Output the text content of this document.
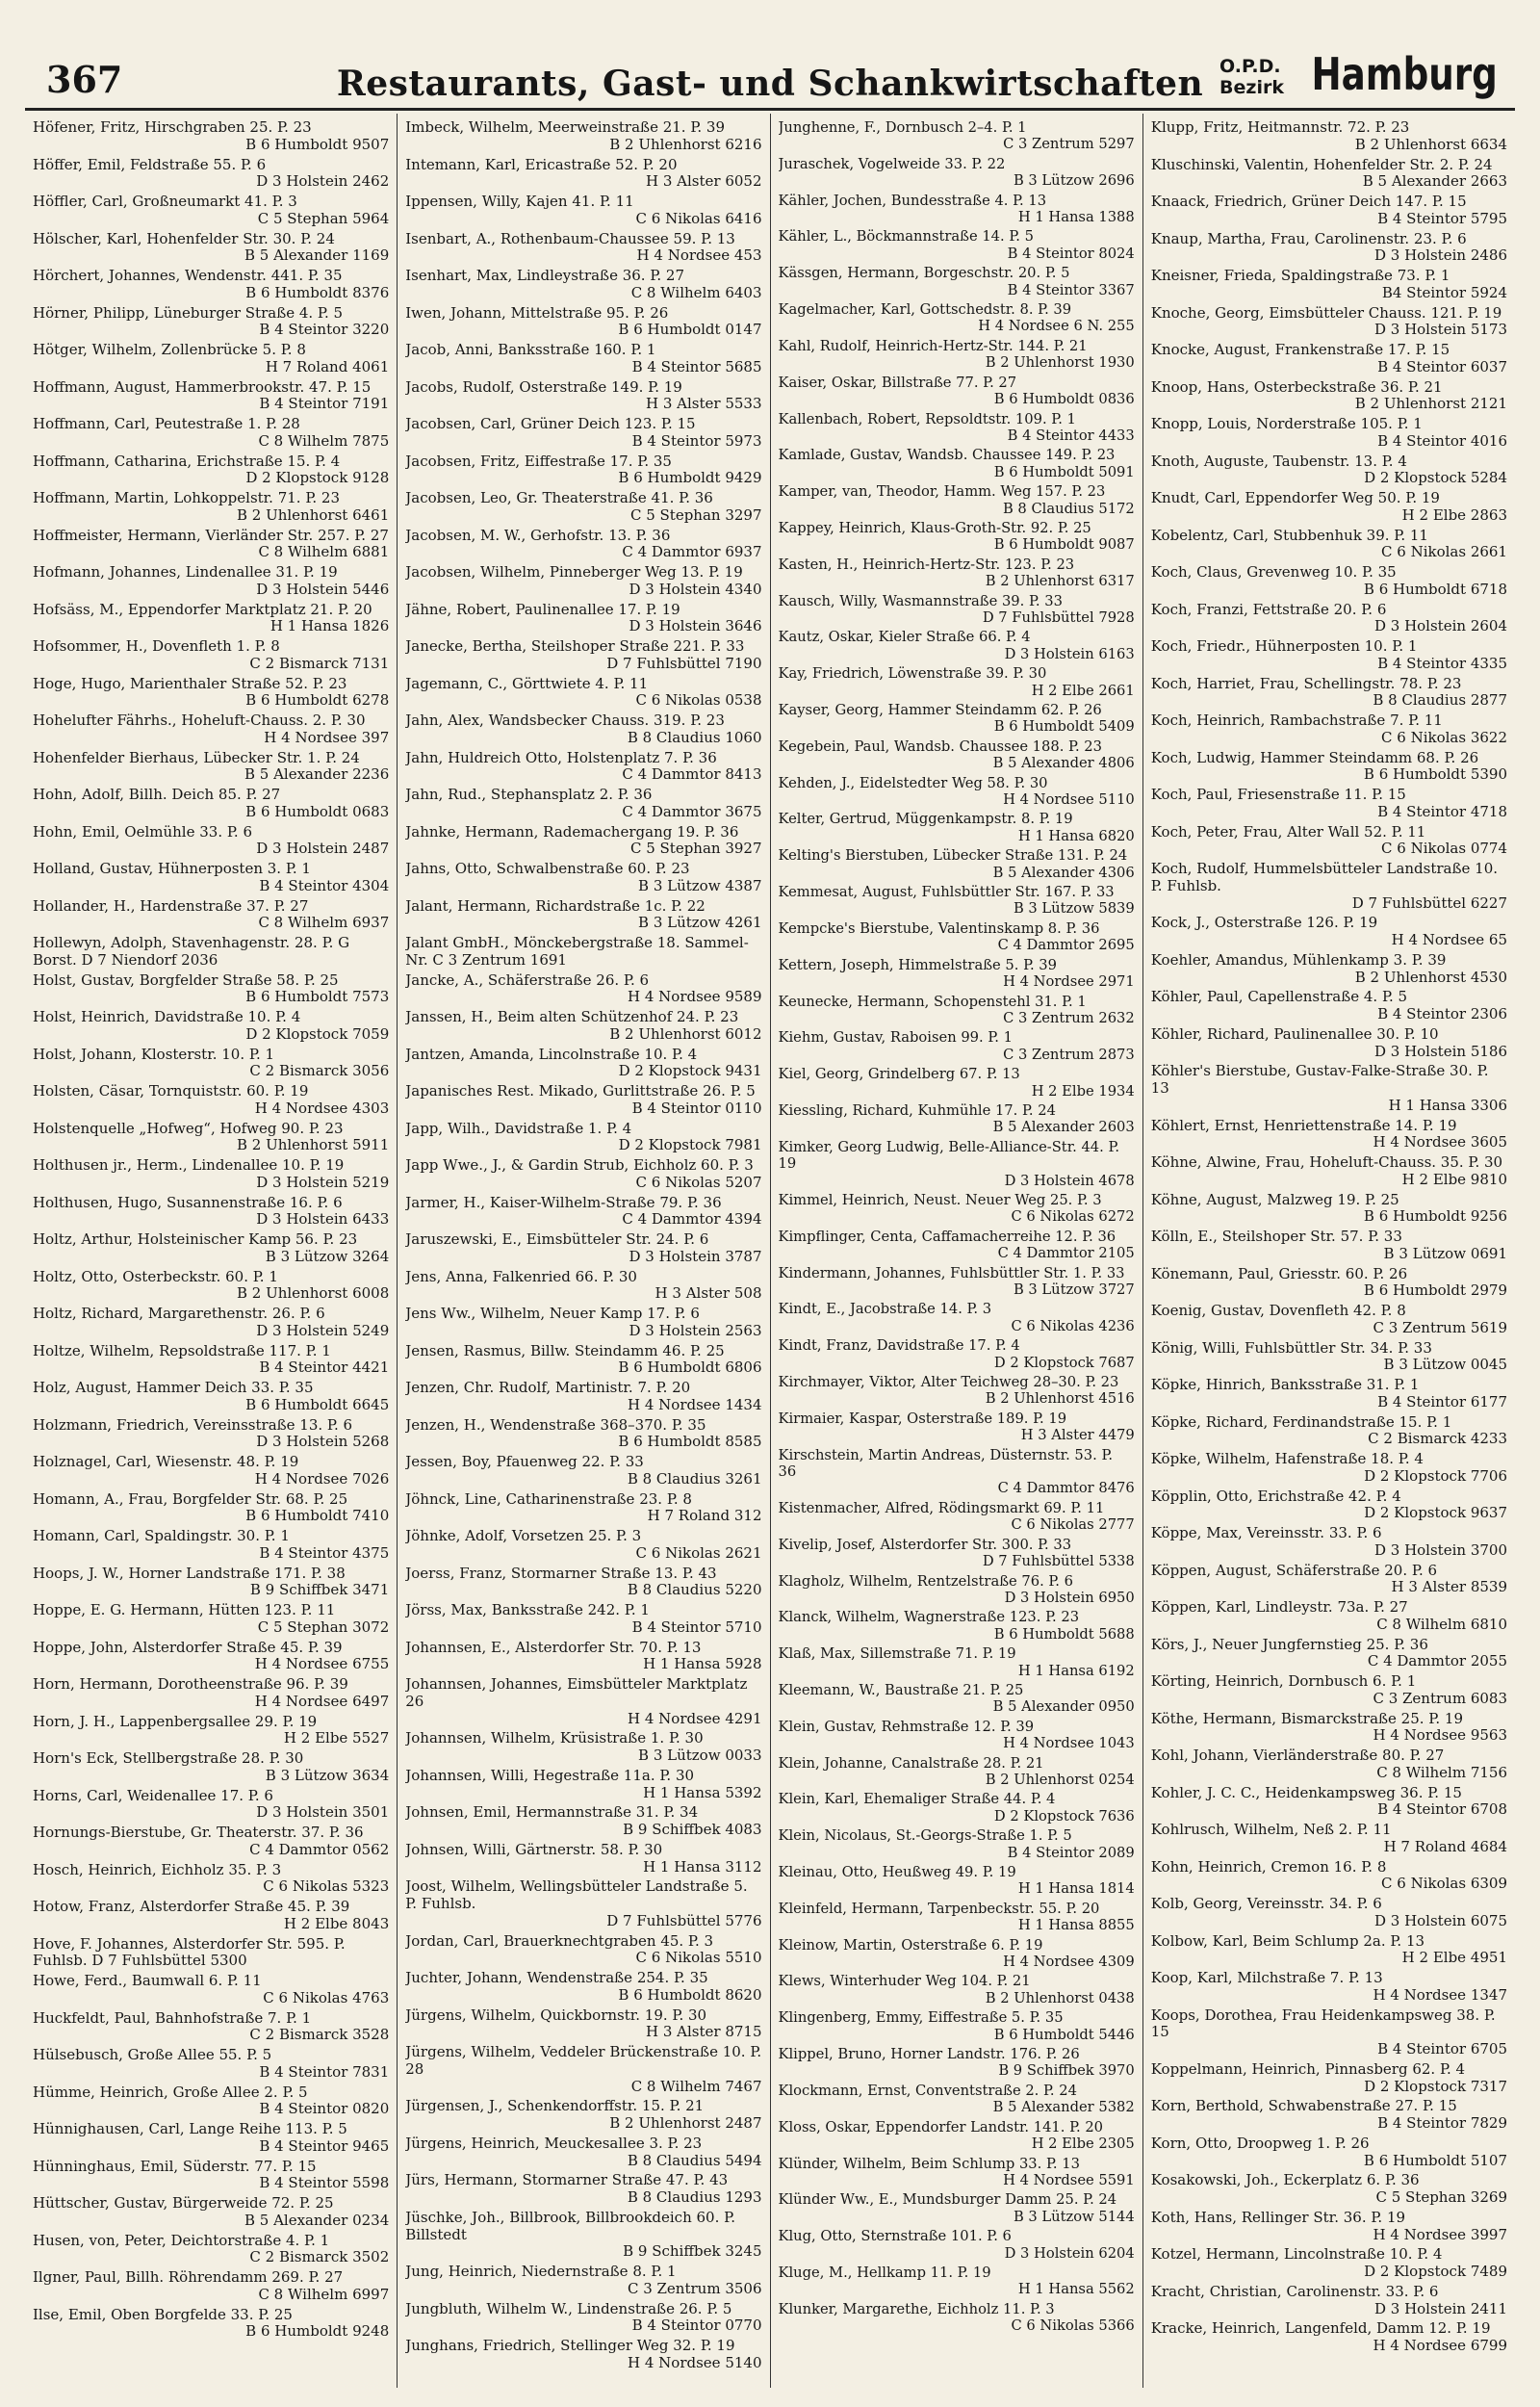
367	Restaurants, Gast- und Schankwirtschaften O.P.D.
Bezirk Hamburg
Höfener, Fritz, Hirschgraben 25. P. 23
B 6 Humboldt 9507
Höffer, Emil, Feldstraße 55. P. 6
D 3 Holstein 2462
Höffler, Carl, Großneumarkt 41. P. 3
C 5 Stephan 5964
Hölscher, Karl, Hohenfelder Str. 30. P. 24
B 5 Alexander 1169
Hörchert, Johannes, Wendenstr. 441. P. 35
B 6 Humboldt 8376
Hörner, Philipp, Lüneburger Straße 4. P. 5
B 4 Steintor 3220
Hötger, Wilhelm, Zollenbrücke 5. P. 8
H 7 Roland 4061
Hoffmann, August, Hammerbrookstr. 47. P. 15
B 4 Steintor 7191
Hoffmann, Carl, Peutestraße 1. P. 28
C 8 Wilhelm 7875
Hoffmann, Catharina, Erichstraße 15. P. 4
D 2 Klopstock 9128
Hoffmann, Martin, Lohkoppelstr. 71. P. 23
B 2 Uhlenhorst 6461
Hoffmeister, Hermann, Vierländer Str. 257. P. 27
C 8 Wilhelm 6881
Hofmann, Johannes, Lindenallee 31. P. 19
D 3 Holstein 5446
Hofsäss, M., Eppendorfer Marktplatz 21. P. 20
H 1 Hansa 1826
Hofsommer, H., Dovenfleth 1. P. 8
C 2 Bismarck 7131
Hoge, Hugo, Marienthaler Straße 52. P. 23
B 6 Humboldt 6278
Hohelufter Fährhs., Hoheluft-Chauss. 2. P. 30
H 4 Nordsee 397
Hohenfelder Bierhaus, Lübecker Str. 1. P. 24
B 5 Alexander 2236
Hohn, Adolf, Billh. Deich 85. P. 27
B 6 Humboldt 0683
Hohn, Emil, Oelmühle 33. P. 6
D 3 Holstein 2487
Holland, Gustav, Hühnerposten 3. P. 1
B 4 Steintor 4304
Hollander, H., Hardenstraße 37. P. 27
C 8 Wilhelm 6937
Hollewyn, Adolph, Stavenhagenstr. 28. P. G Borst. D 7 Niendorf 2036
Holst, Gustav, Borgfelder Straße 58. P. 25
B 6 Humboldt 7573
Holst, Heinrich, Davidstraße 10. P. 4
D 2 Klopstock 7059
Holst, Johann, Klosterstr. 10. P. 1
C 2 Bismarck 3056
Holsten, Cäsar, Tornquiststr. 60. P. 19
H 4 Nordsee 4303
Holstenquelle „Hofweg“, Hofweg 90. P. 23
B 2 Uhlenhorst 5911
Holthusen jr., Herm., Lindenallee 10. P. 19
D 3 Holstein 5219
Holthusen, Hugo, Susannenstraße 16. P. 6
D 3 Holstein 6433
Holtz, Arthur, Holsteinischer Kamp 56. P. 23
B 3 Lützow 3264
Holtz, Otto, Osterbeckstr. 60. P. 1
B 2 Uhlenhorst 6008
Holtz, Richard, Margarethenstr. 26. P. 6
D 3 Holstein 5249
Holtze, Wilhelm, Repsoldstraße 117. P. 1
B 4 Steintor 4421
Holz, August, Hammer Deich 33. P. 35
B 6 Humboldt 6645
Holzmann, Friedrich, Vereinsstraße 13. P. 6
D 3 Holstein 5268
Holznagel, Carl, Wiesenstr. 48. P. 19
H 4 Nordsee 7026
Homann, A., Frau, Borgfelder Str. 68. P. 25
B 6 Humboldt 7410
Homann, Carl, Spaldingstr. 30. P. 1
B 4 Steintor 4375
Hoops, J. W., Horner Landstraße 171. P. 38
B 9 Schiffbek 3471
Hoppe, E. G. Hermann, Hütten 123. P. 11
C 5 Stephan 3072
Hoppe, John, Alsterdorfer Straße 45. P. 39
H 4 Nordsee 6755
Horn, Hermann, Dorotheenstraße 96. P. 39
H 4 Nordsee 6497
Horn, J. H., Lappenbergsallee 29. P. 19
H 2 Elbe 5527
Horn's Eck, Stellbergstraße 28. P. 30
B 3 Lützow 3634
Horns, Carl, Weidenallee 17. P. 6
D 3 Holstein 3501
Hornungs-Bierstube, Gr. Theaterstr. 37. P. 36
C 4 Dammtor 0562
Hosch, Heinrich, Eichholz 35. P. 3
C 6 Nikolas 5323
Hotow, Franz, Alsterdorfer Straße 45. P. 39
H 2 Elbe 8043
Hove, F. Johannes, Alsterdorfer Str. 595. P. Fuhlsb. D 7 Fuhlsbüttel 5300
Howe, Ferd., Baumwall 6. P. 11
C 6 Nikolas 4763
Huckfeldt, Paul, Bahnhofstraße 7. P. 1
C 2 Bismarck 3528
Hülsebusch, Große Allee 55. P. 5
B 4 Steintor 7831
Hümme, Heinrich, Große Allee 2. P. 5
B 4 Steintor 0820
Hünnighausen, Carl, Lange Reihe 113. P. 5
B 4 Steintor 9465
Hünninghaus, Emil, Süderstr. 77. P. 15
B 4 Steintor 5598
Hüttscher, Gustav, Bürgerweide 72. P. 25
B 5 Alexander 0234
Husen, von, Peter, Deichtorstraße 4. P. 1
C 2 Bismarck 3502
Ilgner, Paul, Billh. Röhrendamm 269. P. 27
C 8 Wilhelm 6997
Ilse, Emil, Oben Borgfelde 33. P. 25
B 6 Humboldt 9248
Imbeck, Wilhelm, Meerweinstraße 21. P. 39
B 2 Uhlenhorst 6216
Intemann, Karl, Ericastraße 52. P. 20
H 3 Alster 6052
Ippensen, Willy, Kajen 41. P. 11
C 6 Nikolas 6416
Isenbart, A., Rothenbaum-Chaussee 59. P. 13
H 4 Nordsee 453
Isenhart, Max, Lindleystraße 36. P. 27
C 8 Wilhelm 6403
Iwen, Johann, Mittelstraße 95. P. 26
B 6 Humboldt 0147
Jacob, Anni, Banksstraße 160. P. 1
B 4 Steintor 5685
Jacobs, Rudolf, Osterstraße 149. P. 19
H 3 Alster 5533
Jacobsen, Carl, Grüner Deich 123. P. 15
B 4 Steintor 5973
Jacobsen, Fritz, Eiffestraße 17. P. 35
B 6 Humboldt 9429
Jacobsen, Leo, Gr. Theaterstraße 41. P. 36
C 5 Stephan 3297
Jacobsen, M. W., Gerhofstr. 13. P. 36
C 4 Dammtor 6937
Jacobsen, Wilhelm, Pinneberger Weg 13. P. 19
D 3 Holstein 4340
Jähne, Robert, Paulinenallee 17. P. 19
D 3 Holstein 3646
Janecke, Bertha, Steilshoper Straße 221. P. 33
D 7 Fuhlsbüttel 7190
Jagemann, C., Görttwiete 4. P. 11
C 6 Nikolas 0538
Jahn, Alex, Wandsbecker Chauss. 319. P. 23
B 8 Claudius 1060
Jahn, Huldreich Otto, Holstenplatz 7. P. 36
C 4 Dammtor 8413
Jahn, Rud., Stephansplatz 2. P. 36
C 4 Dammtor 3675
Jahnke, Hermann, Rademachergang 19. P. 36
C 5 Stephan 3927
Jahns, Otto, Schwalbenstraße 60. P. 23
B 3 Lützow 4387
Jalant, Hermann, Richardstraße 1c. P. 22
B 3 Lützow 4261
Jalant GmbH., Mönckebergstraße 18. Sammel-Nr. C 3 Zentrum 1691
Jancke, A., Schäferstraße 26. P. 6
H 4 Nordsee 9589
Janssen, H., Beim alten Schützenhof 24. P. 23
B 2 Uhlenhorst 6012
Jantzen, Amanda, Lincolnstraße 10. P. 4
D 2 Klopstock 9431
Japanisches Rest. Mikado, Gurlittstraße 26. P. 5
B 4 Steintor 0110
Japp, Wilh., Davidstraße 1. P. 4
D 2 Klopstock 7981
Japp Wwe., J., & Gardin Strub, Eichholz 60. P. 3
C 6 Nikolas 5207
Jarmer, H., Kaiser-Wilhelm-Straße 79. P. 36
C 4 Dammtor 4394
Jaruszewski, E., Eimsbütteler Str. 24. P. 6
D 3 Holstein 3787
Jens, Anna, Falkenried 66. P. 30
H 3 Alster 508
Jens Ww., Wilhelm, Neuer Kamp 17. P. 6
D 3 Holstein 2563
Jensen, Rasmus, Billw. Steindamm 46. P. 25
B 6 Humboldt 6806
Jenzen, Chr. Rudolf, Martinistr. 7. P. 20
H 4 Nordsee 1434
Jenzen, H., Wendenstraße 368–370. P. 35
B 6 Humboldt 8585
Jessen, Boy, Pfauenweg 22. P. 33
B 8 Claudius 3261
Jöhnck, Line, Catharinenstraße 23. P. 8
H 7 Roland 312
Jöhnke, Adolf, Vorsetzen 25. P. 3
C 6 Nikolas 2621
Joerss, Franz, Stormarner Straße 13. P. 43
B 8 Claudius 5220
Jörss, Max, Banksstraße 242. P. 1
B 4 Steintor 5710
Johannsen, E., Alsterdorfer Str. 70. P. 13
H 1 Hansa 5928
Johannsen, Johannes, Eimsbütteler Marktplatz 26
H 4 Nordsee 4291
Johannsen, Wilhelm, Krüsistraße 1. P. 30
B 3 Lützow 0033
Johannsen, Willi, Hegestraße 11a. P. 30
H 1 Hansa 5392
Johnsen, Emil, Hermannstraße 31. P. 34
B 9 Schiffbek 4083
Johnsen, Willi, Gärtnerstr. 58. P. 30
H 1 Hansa 3112
Joost, Wilhelm, Wellingsbütteler Landstraße 5. P. Fuhlsb.
D 7 Fuhlsbüttel 5776
Jordan, Carl, Brauerknechtgraben 45. P. 3
C 6 Nikolas 5510
Juchter, Johann, Wendenstraße 254. P. 35
B 6 Humboldt 8620
Jürgens, Wilhelm, Quickbornstr. 19. P. 30
H 3 Alster 8715
Jürgens, Wilhelm, Veddeler Brückenstraße 10. P. 28
C 8 Wilhelm 7467
Jürgensen, J., Schenkendorffstr. 15. P. 21
B 2 Uhlenhorst 2487
Jürgens, Heinrich, Meuckesallee 3. P. 23
B 8 Claudius 5494
Jürs, Hermann, Stormarner Straße 47. P. 43
B 8 Claudius 1293
Jüschke, Joh., Billbrook, Billbrookdeich 60. P. Billstedt
B 9 Schiffbek 3245
Jung, Heinrich, Niedernstraße 8. P. 1
C 3 Zentrum 3506
Jungbluth, Wilhelm W., Lindenstraße 26. P. 5
B 4 Steintor 0770
Junghans, Friedrich, Stellinger Weg 32. P. 19
H 4 Nordsee 5140
Junghenne, F., Dornbusch 2–4. P. 1
C 3 Zentrum 5297
Juraschek, Vogelweide 33. P. 22
B 3 Lützow 2696
Kähler, Jochen, Bundesstraße 4. P. 13
H 1 Hansa 1388
Kähler, L., Böckmannstraße 14. P. 5
B 4 Steintor 8024
Kässgen, Hermann, Borgeschstr. 20. P. 5
B 4 Steintor 3367
Kagelmacher, Karl, Gottschedstr. 8. P. 39
H 4 Nordsee 6 N. 255
Kahl, Rudolf, Heinrich-Hertz-Str. 144. P. 21
B 2 Uhlenhorst 1930
Kaiser, Oskar, Billstraße 77. P. 27
B 6 Humboldt 0836
Kallenbach, Robert, Repsoldtstr. 109. P. 1
B 4 Steintor 4433
Kamlade, Gustav, Wandsb. Chaussee 149. P. 23
B 6 Humboldt 5091
Kamper, van, Theodor, Hamm. Weg 157. P. 23
B 8 Claudius 5172
Kappey, Heinrich, Klaus-Groth-Str. 92. P. 25
B 6 Humboldt 9087
Kasten, H., Heinrich-Hertz-Str. 123. P. 23
B 2 Uhlenhorst 6317
Kausch, Willy, Wasmannstraße 39. P. 33
D 7 Fuhlsbüttel 7928
Kautz, Oskar, Kieler Straße 66. P. 4
D 3 Holstein 6163
Kay, Friedrich, Löwenstraße 39. P. 30
H 2 Elbe 2661
Kayser, Georg, Hammer Steindamm 62. P. 26
B 6 Humboldt 5409
Kegebein, Paul, Wandsb. Chaussee 188. P. 23
B 5 Alexander 4806
Kehden, J., Eidelstedter Weg 58. P. 30
H 4 Nordsee 5110
Kelter, Gertrud, Müggenkampstr. 8. P. 19
H 1 Hansa 6820
Kelting's Bierstuben, Lübecker Straße 131. P. 24
B 5 Alexander 4306
Kemmesat, August, Fuhlsbüttler Str. 167. P. 33
B 3 Lützow 5839
Kempcke's Bierstube, Valentinskamp 8. P. 36
C 4 Dammtor 2695
Kettern, Joseph, Himmelstraße 5. P. 39
H 4 Nordsee 2971
Keunecke, Hermann, Schopenstehl 31. P. 1
C 3 Zentrum 2632
Kiehm, Gustav, Raboisen 99. P. 1
C 3 Zentrum 2873
Kiel, Georg, Grindelberg 67. P. 13
H 2 Elbe 1934
Kiessling, Richard, Kuhmühle 17. P. 24
B 5 Alexander 2603
Kimker, Georg Ludwig, Belle-Alliance-Str. 44. P. 19
D 3 Holstein 4678
Kimmel, Heinrich, Neust. Neuer Weg 25. P. 3
C 6 Nikolas 6272
Kimpflinger, Centa, Caffamacherreihe 12. P. 36
C 4 Dammtor 2105
Kindermann, Johannes, Fuhlsbüttler Str. 1. P. 33
B 3 Lützow 3727
Kindt, E., Jacobstraße 14. P. 3
C 6 Nikolas 4236
Kindt, Franz, Davidstraße 17. P. 4
D 2 Klopstock 7687
Kirchmayer, Viktor, Alter Teichweg 28–30. P. 23
B 2 Uhlenhorst 4516
Kirmaier, Kaspar, Osterstraße 189. P. 19
H 3 Alster 4479
Kirschstein, Martin Andreas, Düsternstr. 53. P. 36
C 4 Dammtor 8476
Kistenmacher, Alfred, Rödingsmarkt 69. P. 11
C 6 Nikolas 2777
Kivelip, Josef, Alsterdorfer Str. 300. P. 33
D 7 Fuhlsbüttel 5338
Klagholz, Wilhelm, Rentzelstraße 76. P. 6
D 3 Holstein 6950
Klanck, Wilhelm, Wagnerstraße 123. P. 23
B 6 Humboldt 5688
Klaß, Max, Sillemstraße 71. P. 19
H 1 Hansa 6192
Kleemann, W., Baustraße 21. P. 25
B 5 Alexander 0950
Klein, Gustav, Rehmstraße 12. P. 39
H 4 Nordsee 1043
Klein, Johanne, Canalstraße 28. P. 21
B 2 Uhlenhorst 0254
Klein, Karl, Ehemaliger Straße 44. P. 4
D 2 Klopstock 7636
Klein, Nicolaus, St.-Georgs-Straße 1. P. 5
B 4 Steintor 2089
Kleinau, Otto, Heußweg 49. P. 19
H 1 Hansa 1814
Kleinfeld, Hermann, Tarpenbeckstr. 55. P. 20
H 1 Hansa 8855
Kleinow, Martin, Osterstraße 6. P. 19
H 4 Nordsee 4309
Klews, Winterhuder Weg 104. P. 21
B 2 Uhlenhorst 0438
Klingenberg, Emmy, Eiffestraße 5. P. 35
B 6 Humboldt 5446
Klippel, Bruno, Horner Landstr. 176. P. 26
B 9 Schiffbek 3970
Klockmann, Ernst, Conventstraße 2. P. 24
B 5 Alexander 5382
Kloss, Oskar, Eppendorfer Landstr. 141. P. 20
H 2 Elbe 2305
Klünder, Wilhelm, Beim Schlump 33. P. 13
H 4 Nordsee 5591
Klünder Ww., E., Mundsburger Damm 25. P. 24
B 3 Lützow 5144
Klug, Otto, Sternstraße 101. P. 6
D 3 Holstein 6204
Kluge, M., Hellkamp 11. P. 19
H 1 Hansa 5562
Klunker, Margarethe, Eichholz 11. P. 3
C 6 Nikolas 5366
Klupp, Fritz, Heitmannstr. 72. P. 23
B 2 Uhlenhorst 6634
Kluschinski, Valentin, Hohenfelder Str. 2. P. 24
B 5 Alexander 2663
Knaack, Friedrich, Grüner Deich 147. P. 15
B 4 Steintor 5795
Knaup, Martha, Frau, Carolinenstr. 23. P. 6
D 3 Holstein 2486
Kneisner, Frieda, Spaldingstraße 73. P. 1
B4 Steintor 5924
Knoche, Georg, Eimsbütteler Chauss. 121. P. 19
D 3 Holstein 5173
Knocke, August, Frankenstraße 17. P. 15
B 4 Steintor 6037
Knoop, Hans, Osterbeckstraße 36. P. 21
B 2 Uhlenhorst 2121
Knopp, Louis, Norderstraße 105. P. 1
B 4 Steintor 4016
Knoth, Auguste, Taubenstr. 13. P. 4
D 2 Klopstock 5284
Knudt, Carl, Eppendorfer Weg 50. P. 19
H 2 Elbe 2863
Kobelentz, Carl, Stubbenhuk 39. P. 11
C 6 Nikolas 2661
Koch, Claus, Grevenweg 10. P. 35
B 6 Humboldt 6718
Koch, Franzi, Fettstraße 20. P. 6
D 3 Holstein 2604
Koch, Friedr., Hühnerposten 10. P. 1
B 4 Steintor 4335
Koch, Harriet, Frau, Schellingstr. 78. P. 23
B 8 Claudius 2877
Koch, Heinrich, Rambachstraße 7. P. 11
C 6 Nikolas 3622
Koch, Ludwig, Hammer Steindamm 68. P. 26
B 6 Humboldt 5390
Koch, Paul, Friesenstraße 11. P. 15
B 4 Steintor 4718
Koch, Peter, Frau, Alter Wall 52. P. 11
C 6 Nikolas 0774
Koch, Rudolf, Hummelsbütteler Landstraße 10. P. Fuhlsb.
D 7 Fuhlsbüttel 6227
Kock, J., Osterstraße 126. P. 19
H 4 Nordsee 65
Koehler, Amandus, Mühlenkamp 3. P. 39
B 2 Uhlenhorst 4530
Köhler, Paul, Capellenstraße 4. P. 5
B 4 Steintor 2306
Köhler, Richard, Paulinenallee 30. P. 10
D 3 Holstein 5186
Köhler's Bierstube, Gustav-Falke-Straße 30. P. 13
H 1 Hansa 3306
Köhlert, Ernst, Henriettenstraße 14. P. 19
H 4 Nordsee 3605
Köhne, Alwine, Frau, Hoheluft-Chauss. 35. P. 30
H 2 Elbe 9810
Köhne, August, Malzweg 19. P. 25
B 6 Humboldt 9256
Kölln, E., Steilshoper Str. 57. P. 33
B 3 Lützow 0691
Könemann, Paul, Griesstr. 60. P. 26
B 6 Humboldt 2979
Koenig, Gustav, Dovenfleth 42. P. 8
C 3 Zentrum 5619
König, Willi, Fuhlsbüttler Str. 34. P. 33
B 3 Lützow 0045
Köpke, Hinrich, Banksstraße 31. P. 1
B 4 Steintor 6177
Köpke, Richard, Ferdinandstraße 15. P. 1
C 2 Bismarck 4233
Köpke, Wilhelm, Hafenstraße 18. P. 4
D 2 Klopstock 7706
Köpplin, Otto, Erichstraße 42. P. 4
D 2 Klopstock 9637
Köppe, Max, Vereinsstr. 33. P. 6
D 3 Holstein 3700
Köppen, August, Schäferstraße 20. P. 6
H 3 Alster 8539
Köppen, Karl, Lindleystr. 73a. P. 27
C 8 Wilhelm 6810
Körs, J., Neuer Jungfernstieg 25. P. 36
C 4 Dammtor 2055
Körting, Heinrich, Dornbusch 6. P. 1
C 3 Zentrum 6083
Köthe, Hermann, Bismarckstraße 25. P. 19
H 4 Nordsee 9563
Kohl, Johann, Vierländerstraße 80. P. 27
C 8 Wilhelm 7156
Kohler, J. C. C., Heidenkampsweg 36. P. 15
B 4 Steintor 6708
Kohlrusch, Wilhelm, Neß 2. P. 11
H 7 Roland 4684
Kohn, Heinrich, Cremon 16. P. 8
C 6 Nikolas 6309
Kolb, Georg, Vereinsstr. 34. P. 6
D 3 Holstein 6075
Kolbow, Karl, Beim Schlump 2a. P. 13
H 2 Elbe 4951
Koop, Karl, Milchstraße 7. P. 13
H 4 Nordsee 1347
Koops, Dorothea, Frau Heidenkampsweg 38. P. 15
B 4 Steintor 6705
Koppelmann, Heinrich, Pinnasberg 62. P. 4
D 2 Klopstock 7317
Korn, Berthold, Schwabenstraße 27. P. 15
B 4 Steintor 7829
Korn, Otto, Droopweg 1. P. 26
B 6 Humboldt 5107
Kosakowski, Joh., Eckerplatz 6. P. 36
C 5 Stephan 3269
Koth, Hans, Rellinger Str. 36. P. 19
H 4 Nordsee 3997
Kotzel, Hermann, Lincolnstraße 10. P. 4
D 2 Klopstock 7489
Kracht, Christian, Carolinenstr. 33. P. 6
D 3 Holstein 2411
Kracke, Heinrich, Langenfeld, Damm 12. P. 19
H 4 Nordsee 6799
